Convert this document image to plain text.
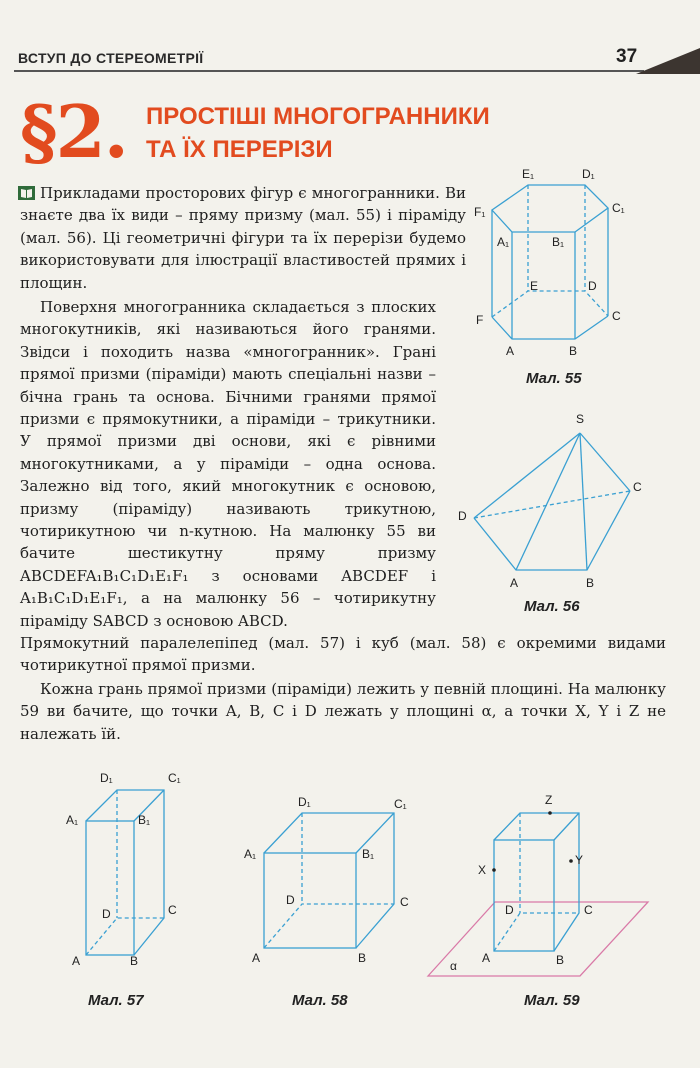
ВСТУП ДО СТЕРЕОМЕТРІЇ	37
§2. ПРОСТІШІ МНОГОГРАННИКИ
ТА ЇХ ПЕРЕРІЗИ

Прикладами просторових фігур є многогранники. Ви знаєте два їх види – пряму призму (мал. 55) і піраміду (мал. 56). Ці геометричні фігури та їх перерізи будемо використовувати для ілюстрації властивостей прямих і площин.

Поверхня многогранника складається з плоских многокутників, які називаються його гранями. Звідси і походить назва «многогранник». Грані прямої призми (піраміди) мають спеціальні назви – бічна грань та основа. Бічними гранями прямої призми є прямокутники, а піраміди – трикутники. У прямої призми дві основи, які є рівними многокутниками, а у піраміди – одна основа. Залежно від того, який многокутник є основою, призму (піраміду) називають трикутною, чотирикутною чи n-кутною. На малюнку 55 ви бачите шестикутну пряму призму ABCDEFA₁B₁C₁D₁E₁F₁ з основами ABCDEF і A₁B₁C₁D₁E₁F₁, а на малюнку 56 – чотирикутну піраміду SABCD з основою ABCD.

Прямокутний паралелепіпед (мал. 57) і куб (мал. 58) є окремими видами чотирикутної прямої призми.

Кожна грань прямої призми (піраміди) лежить у певній площині. На малюнку 59 ви бачите, що точки A, B, C і D лежать у площині α, а точки X, Y і Z не належать їй.

E₁	D₁
C₁
F₁
A₁	B₁
E	D
F	C
A	B
Мал. 55
S
D
C
A	B
Мал. 56
D₁	C₁
A₁	B₁
D	C
A	B
Мал. 57
D₁	C₁
A₁	B₁
D	C
A	B
Мал. 58
Z
X
Y
D	C
A	B
α
Мал. 59
